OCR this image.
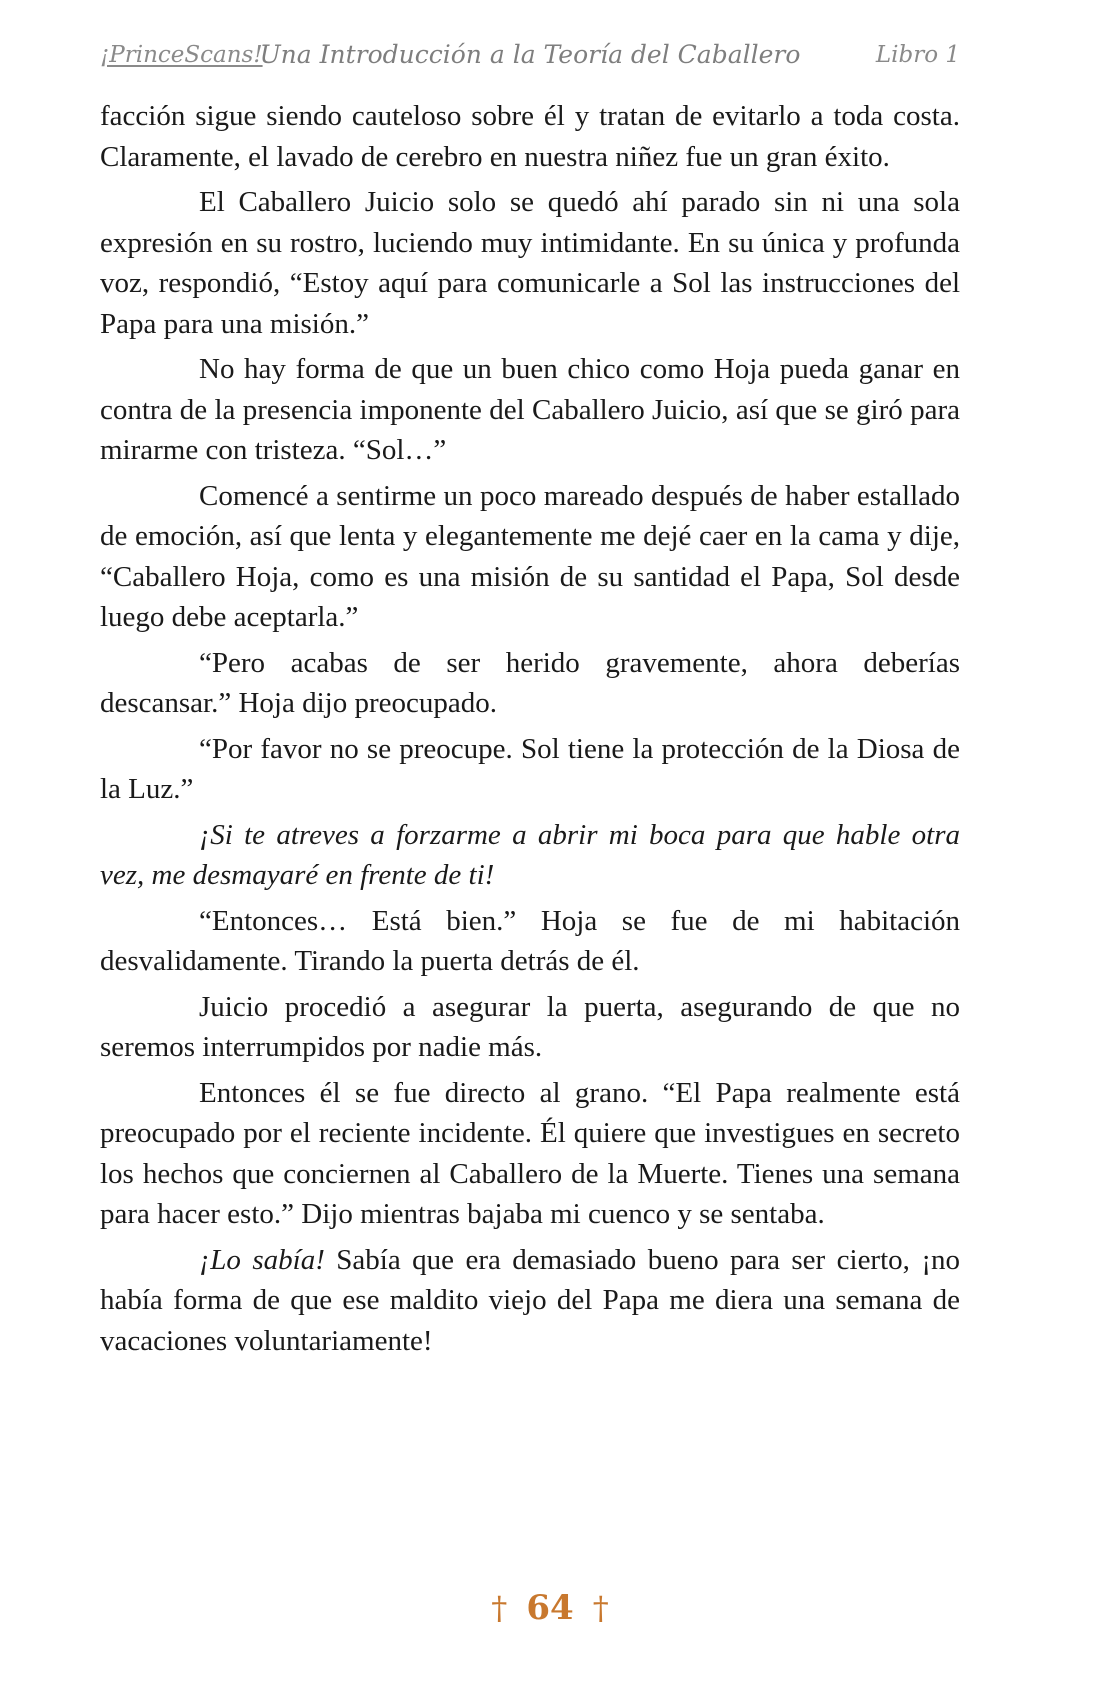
¡PrinceScans!
Una Introducción a la Teoría del Caballero	Libro 1

facción sigue siendo cauteloso sobre él y tratan de evitarlo a toda costa. Claramente, el lavado de cerebro en nuestra niñez fue un gran éxito.

El Caballero Juicio solo se quedó ahí parado sin ni una sola expresión en su rostro, luciendo muy intimidante. En su única y profunda voz, respondió, “Estoy aquí para comunicarle a Sol las instrucciones del Papa para una misión.”

No hay forma de que un buen chico como Hoja pueda ganar en contra de la presencia imponente del Caballero Juicio, así que se giró para mirarme con tristeza. “Sol…”

Comencé a sentirme un poco mareado después de haber estallado de emoción, así que lenta y elegantemente me dejé caer en la cama y dije, “Caballero Hoja, como es una misión de su santidad el Papa, Sol desde luego debe aceptarla.”

“Pero acabas de ser herido gravemente, ahora deberías descansar.” Hoja dijo preocupado.

“Por favor no se preocupe. Sol tiene la protección de la Diosa de la Luz.”

¡Si te atreves a forzarme a abrir mi boca para que hable otra vez, me desmayaré en frente de ti!

“Entonces… Está bien.” Hoja se fue de mi habitación desvalidamente. Tirando la puerta detrás de él.

Juicio procedió a asegurar la puerta, asegurando de que no seremos interrumpidos por nadie más.

Entonces él se fue directo al grano. “El Papa realmente está preocupado por el reciente incidente. Él quiere que investigues en secreto los hechos que conciernen al Caballero de la Muerte. Tienes una semana para hacer esto.” Dijo mientras bajaba mi cuenco y se sentaba.

¡Lo sabía! Sabía que era demasiado bueno para ser cierto, ¡no había forma de que ese maldito viejo del Papa me diera una semana de vacaciones voluntariamente!

† 64 †
